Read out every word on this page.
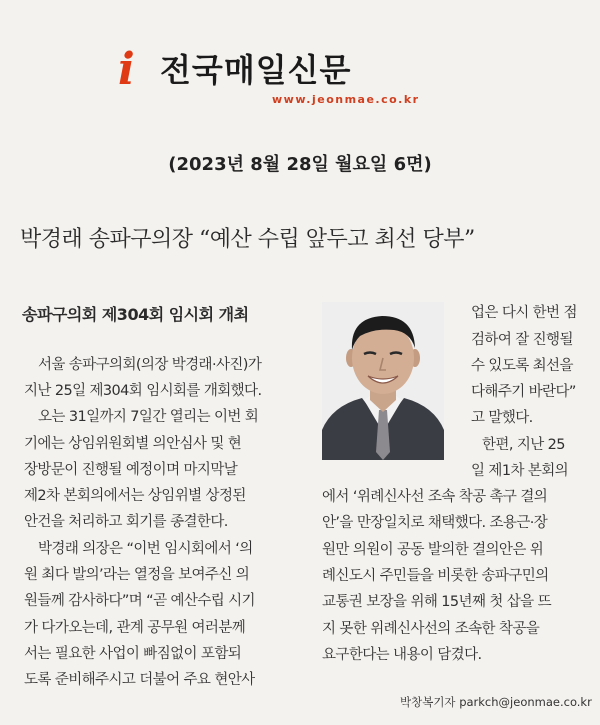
i 전국매일신문
www.jeonmae.co.kr
(2023년 8월 28일 월요일 6면)
박경래 송파구의장 “예산 수립 앞두고 최선 당부”
송파구의회 제304회 임시회 개최
서울 송파구의회(의장 박경래·사진)가
지난 25일 제304회 임시회를 개회했다.
오는 31일까지 7일간 열리는 이번 회
기에는 상임위원회별 의안심사 및 현
장방문이 진행될 예정이며 마지막날
제2차 본회의에서는 상임위별 상정된
안건을 처리하고 회기를 종결한다.
박경래 의장은 “이번 임시회에서 ‘의
원 최다 발의’라는 열정을 보여주신 의
원들께 감사하다”며 “곧 예산수립 시기
가 다가오는데, 관계 공무원 여러분께
서는 필요한 사업이 빠짐없이 포함되
도록 준비해주시고 더불어 주요 현안사
업은 다시 한번 점
검하여 잘 진행될
수 있도록 최선을
다해주기 바란다”
고 말했다.
한편, 지난 25
일 제1차 본회의
에서 ‘위례신사선 조속 착공 촉구 결의
안’을 만장일치로 채택했다. 조용근·장
원만 의원이 공동 발의한 결의안은 위
례신도시 주민들을 비롯한 송파구민의
교통권 보장을 위해 15년째 첫 삽을 뜨
지 못한 위례신사선의 조속한 착공을
요구한다는 내용이 담겼다.
박창복기자 parkch@jeonmae.co.kr
